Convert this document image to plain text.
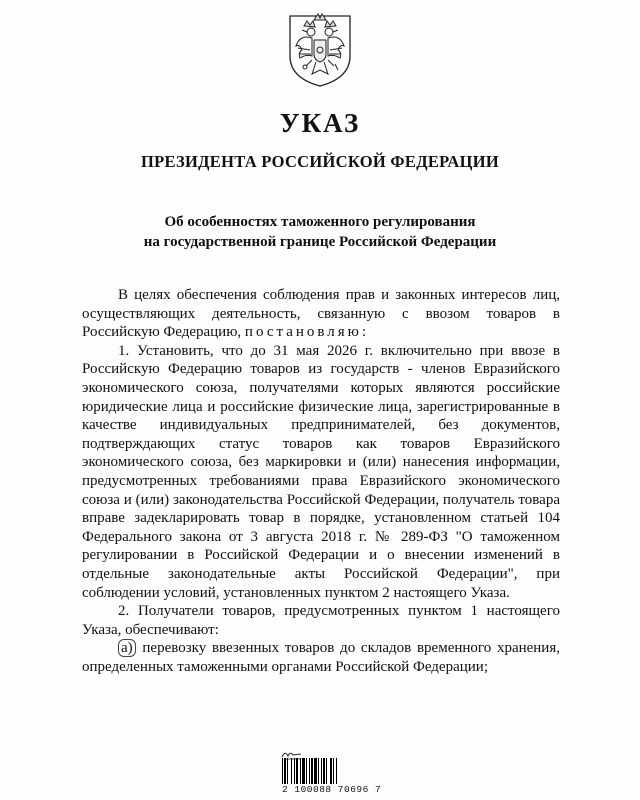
УКАЗ
ПРЕЗИДЕНТА РОССИЙСКОЙ ФЕДЕРАЦИИ
Об особенностях таможенного регулирования
на государственной границе Российской Федерации

В целях обеспечения соблюдения прав и законных интересов лиц, осуществляющих деятельность, связанную с ввозом товаров в Российскую Федерацию, постановляю:

1. Установить, что до 31 мая 2026 г. включительно при ввозе в Российскую Федерацию товаров из государств - членов Евразийского экономического союза, получателями которых являются российские юридические лица и российские физические лица, зарегистрированные в качестве индивидуальных предпринимателей, без документов, подтверждающих статус товаров как товаров Евразийского экономического союза, без маркировки и (или) нанесения информации, предусмотренных требованиями права Евразийского экономического союза и (или) законодательства Российской Федерации, получатель товара вправе задекларировать товар в порядке, установленном статьей 104 Федерального закона от 3 августа 2018 г. № 289-ФЗ "О таможенном регулировании в Российской Федерации и о внесении изменений в отдельные законодательные акты Российской Федерации", при соблюдении условий, установленных пунктом 2 настоящего Указа.

2. Получатели товаров, предусмотренных пунктом 1 настоящего Указа, обеспечивают:

а) перевозку ввезенных товаров до складов временного хранения, определенных таможенными органами Российской Федерации;

2 100088 70696 7
